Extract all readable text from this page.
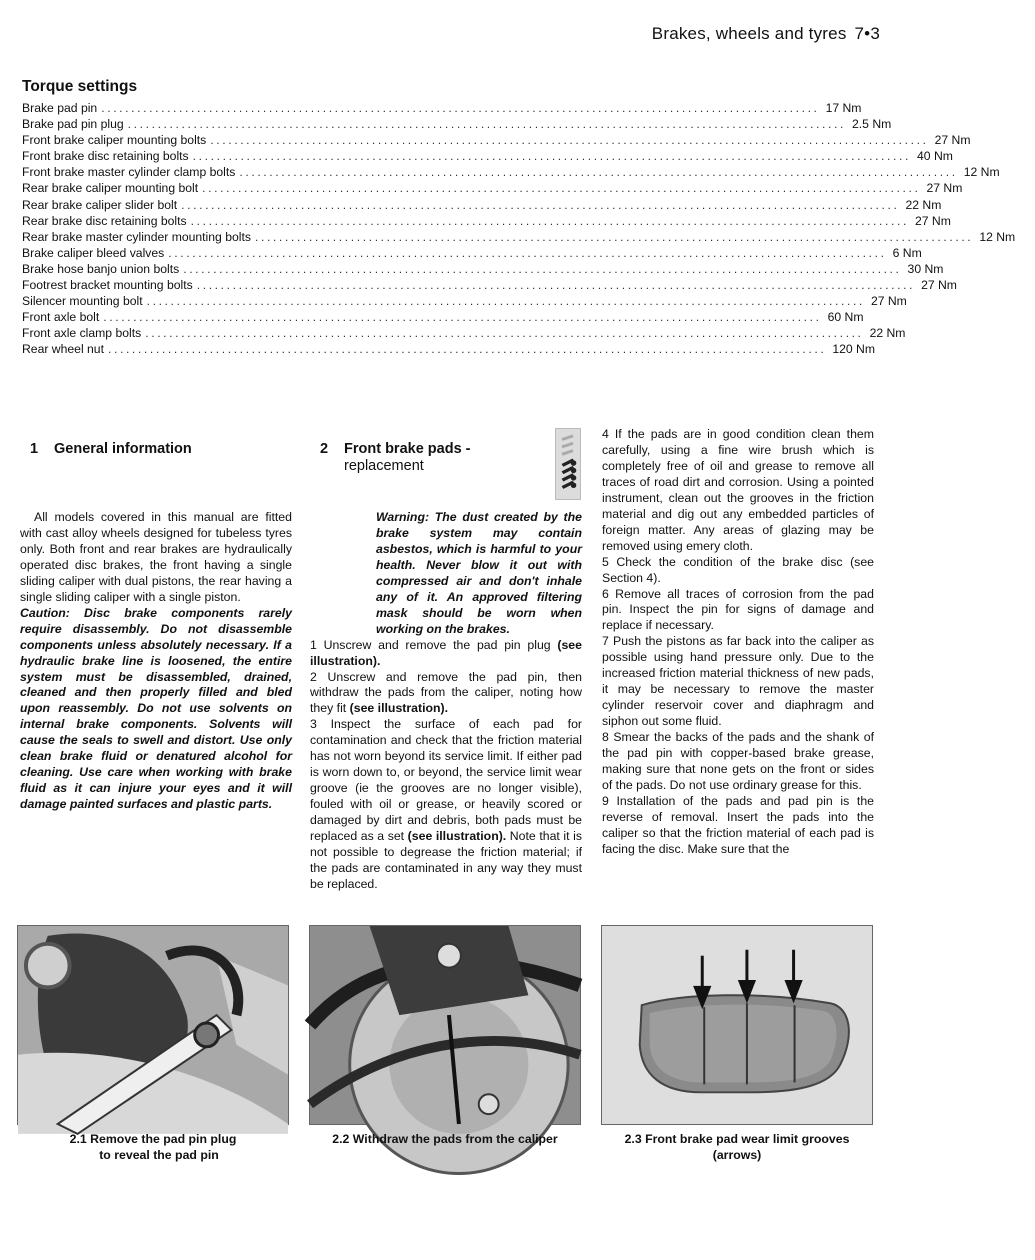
Brakes, wheels and tyres 7•3
Torque settings
Brake pad pin ........................................................................................................................ 17 Nm
Brake pad pin plug ........................................................................................................................ 2.5 Nm
Front brake caliper mounting bolts ........................................................................................................................ 27 Nm
Front brake disc retaining bolts ........................................................................................................................ 40 Nm
Front brake master cylinder clamp bolts ........................................................................................................................ 12 Nm
Rear brake caliper mounting bolt ........................................................................................................................ 27 Nm
Rear brake caliper slider bolt ........................................................................................................................ 22 Nm
Rear brake disc retaining bolts ........................................................................................................................ 27 Nm
Rear brake master cylinder mounting bolts ........................................................................................................................ 12 Nm
Brake caliper bleed valves ........................................................................................................................ 6 Nm
Brake hose banjo union bolts ........................................................................................................................ 30 Nm
Footrest bracket mounting bolts ........................................................................................................................ 27 Nm
Silencer mounting bolt ........................................................................................................................ 27 Nm
Front axle bolt ........................................................................................................................ 60 Nm
Front axle clamp bolts ........................................................................................................................ 22 Nm
Rear wheel nut ........................................................................................................................ 120 Nm
1 General information	2 Front brake pads -
replacement

All models covered in this manual are fitted with cast alloy wheels designed for tubeless tyres only. Both front and rear brakes are hydraulically operated disc brakes, the front having a single sliding caliper with dual pistons, the rear having a single sliding caliper with a single piston.

Caution: Disc brake components rarely require disassembly. Do not disassemble components unless absolutely necessary. If a hydraulic brake line is loosened, the entire system must be disassembled, drained, cleaned and then properly filled and bled upon reassembly. Do not use solvents on internal brake components. Solvents will cause the seals to swell and distort. Use only clean brake fluid or denatured alcohol for cleaning. Use care when working with brake fluid as it can injure your eyes and it will damage painted surfaces and plastic parts.

Warning: The dust created by the brake system may contain asbestos, which is harmful to your health. Never blow it out with compressed air and don't inhale any of it. An approved filtering mask should be worn when working on the brakes.

1 Unscrew and remove the pad pin plug (see illustration).

2 Unscrew and remove the pad pin, then withdraw the pads from the caliper, noting how they fit (see illustration).

3 Inspect the surface of each pad for contamination and check that the friction material has not worn beyond its service limit. If either pad is worn down to, or beyond, the service limit wear groove (ie the grooves are no longer visible), fouled with oil or grease, or heavily scored or damaged by dirt and debris, both pads must be replaced as a set (see illustration). Note that it is not possible to degrease the friction material; if the pads are contaminated in any way they must be replaced.

4 If the pads are in good condition clean them carefully, using a fine wire brush which is completely free of oil and grease to remove all traces of road dirt and corrosion. Using a pointed instrument, clean out the grooves in the friction material and dig out any embedded particles of foreign matter. Any areas of glazing may be removed using emery cloth.

5 Check the condition of the brake disc (see Section 4).

6 Remove all traces of corrosion from the pad pin. Inspect the pin for signs of damage and replace if necessary.

7 Push the pistons as far back into the caliper as possible using hand pressure only. Due to the increased friction material thickness of new pads, it may be necessary to remove the master cylinder reservoir cover and diaphragm and siphon out some fluid.

8 Smear the backs of the pads and the shank of the pad pin with copper-based brake grease, making sure that none gets on the front or sides of the pads. Do not use ordinary grease for this.

9 Installation of the pads and pad pin is the reverse of removal. Insert the pads into the caliper so that the friction material of each pad is facing the disc. Make sure that the

2.1 Remove the pad pin plug
to reveal the pad pin
2.2 Withdraw the pads from the caliper	2.3 Front brake pad wear limit grooves
(arrows)
